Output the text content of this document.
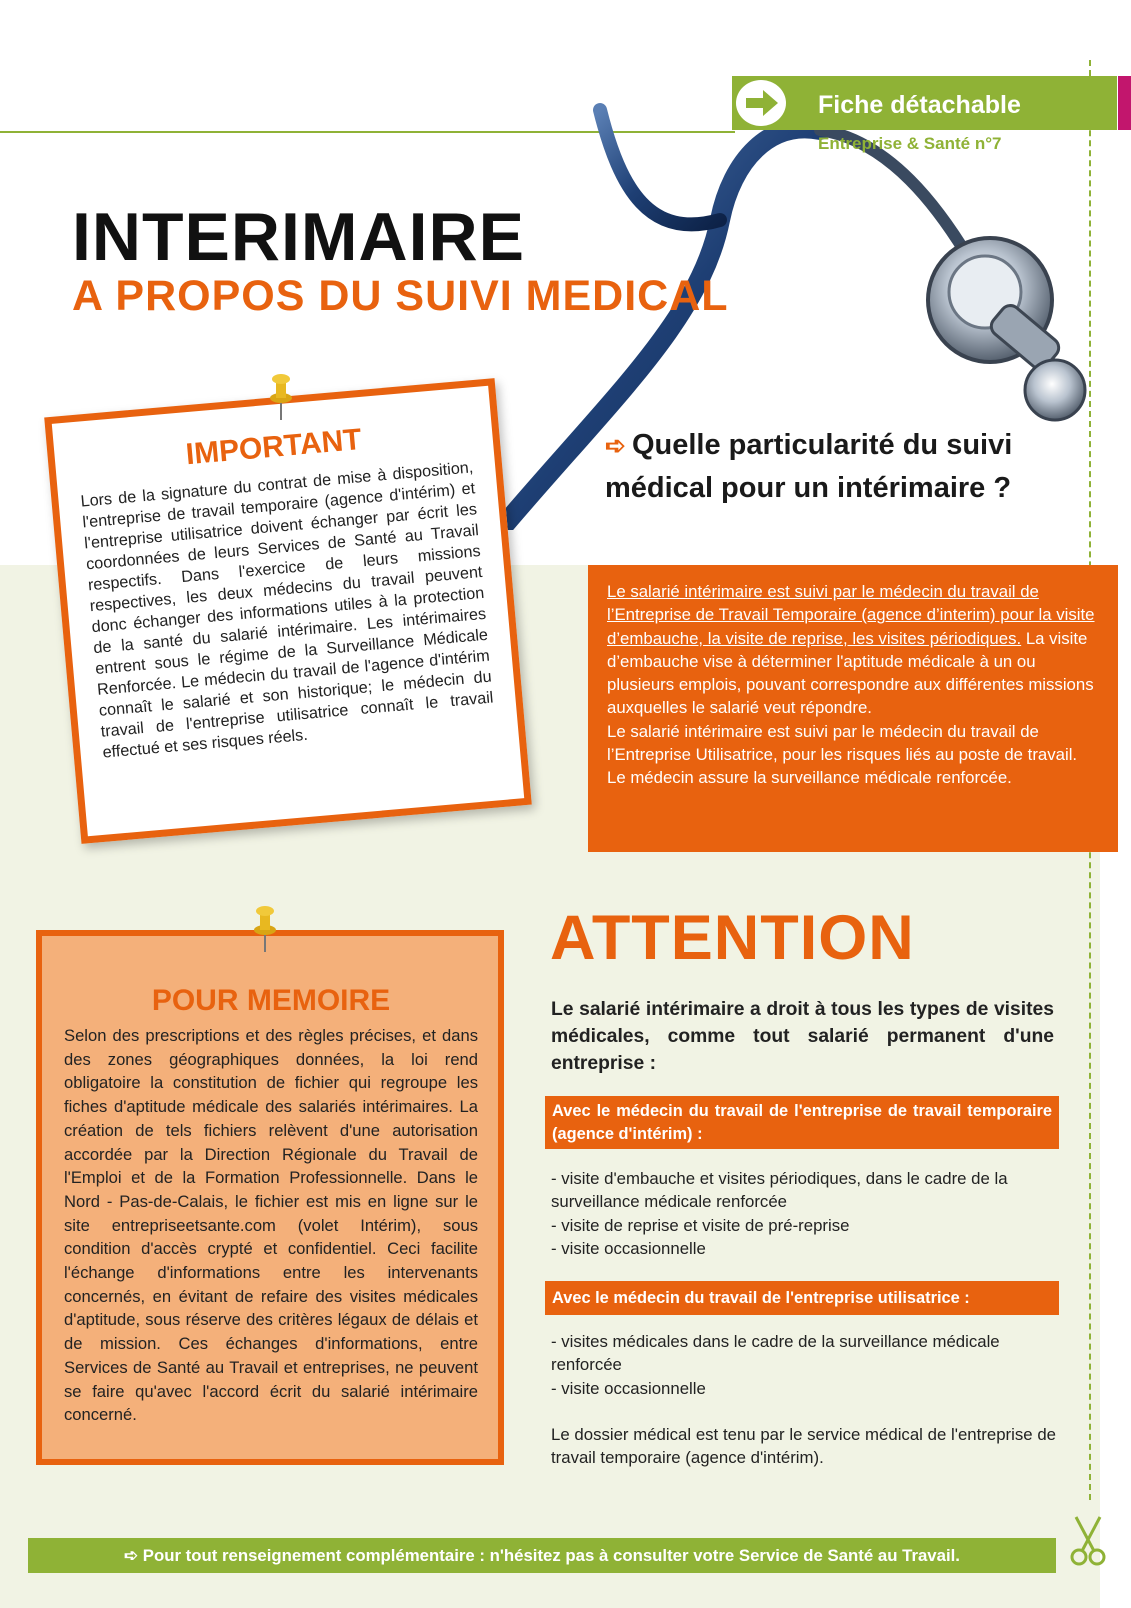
Fiche détachable
Entreprise & Santé n°7
INTERIMAIRE
A PROPOS DU SUIVI MEDICAL
IMPORTANT

Lors de la signature du contrat de mise à disposition, l'entreprise de travail temporaire (agence d'intérim) et l'entreprise utilisatrice doivent échanger par écrit les coordonnées de leurs Services de Santé au Travail respectifs. Dans l'exercice de leurs missions respectives, les deux médecins du travail peuvent donc échanger des informations utiles à la protection de la santé du salarié intérimaire. Les intérimaires entrent sous le régime de la Surveillance Médicale Renforcée. Le médecin du travail de l'agence d'intérim connaît le salarié et son historique; le médecin du travail de l'entreprise utilisatrice connaît le travail effectué et ses risques réels.

➪ Quelle particularité du suivi médical pour un intérimaire ?
Le salarié intérimaire est suivi par le médecin du travail de l’Entreprise de Travail Temporaire (agence d’interim) pour la visite d’embauche, la visite de reprise, les visites périodiques. La visite d’embauche vise à déterminer l'aptitude médicale à un ou plusieurs emplois, pouvant correspondre aux différentes missions auxquelles le salarié veut répondre.
Le salarié intérimaire est suivi par le médecin du travail de l’Entreprise Utilisatrice, pour les risques liés au poste de travail. Le médecin assure la surveillance médicale renforcée.
POUR MEMOIRE

Selon des prescriptions et des règles précises, et dans des zones géographiques données, la loi rend obligatoire la constitution de fichier qui regroupe les fiches d'aptitude médicale des salariés intérimaires. La création de tels fichiers relèvent d'une autorisation accordée par la Direction Régionale du Travail de l'Emploi et de la Formation Professionnelle. Dans le Nord - Pas-de-Calais, le fichier est mis en ligne sur le site entrepriseetsante.com (volet Intérim), sous condition d'accès crypté et confidentiel. Ceci facilite l'échange d'informations entre les intervenants concernés, en évitant de refaire des visites médicales d'aptitude, sous réserve des critères légaux de délais et de mission. Ces échanges d'informations, entre Services de Santé au Travail et entreprises, ne peuvent se faire qu'avec l'accord écrit du salarié intérimaire concerné.

ATTENTION
Le salarié intérimaire a droit à tous les types de visites médicales, comme tout salarié permanent d'une entreprise :
Avec le médecin du travail de l'entreprise de travail temporaire (agence d'intérim) :
- visite d'embauche et visites périodiques, dans le cadre de la surveillance médicale renforcée
- visite de reprise et visite de pré-reprise
- visite occasionnelle
Avec le médecin du travail de l'entreprise utilisatrice :
- visites médicales dans le cadre de la surveillance médicale renforcée
- visite occasionnelle
Le dossier médical est tenu par le service médical de l'entreprise de travail temporaire (agence d'intérim).
➪ Pour tout renseignement complémentaire : n'hésitez pas à consulter votre Service de Santé au Travail.
